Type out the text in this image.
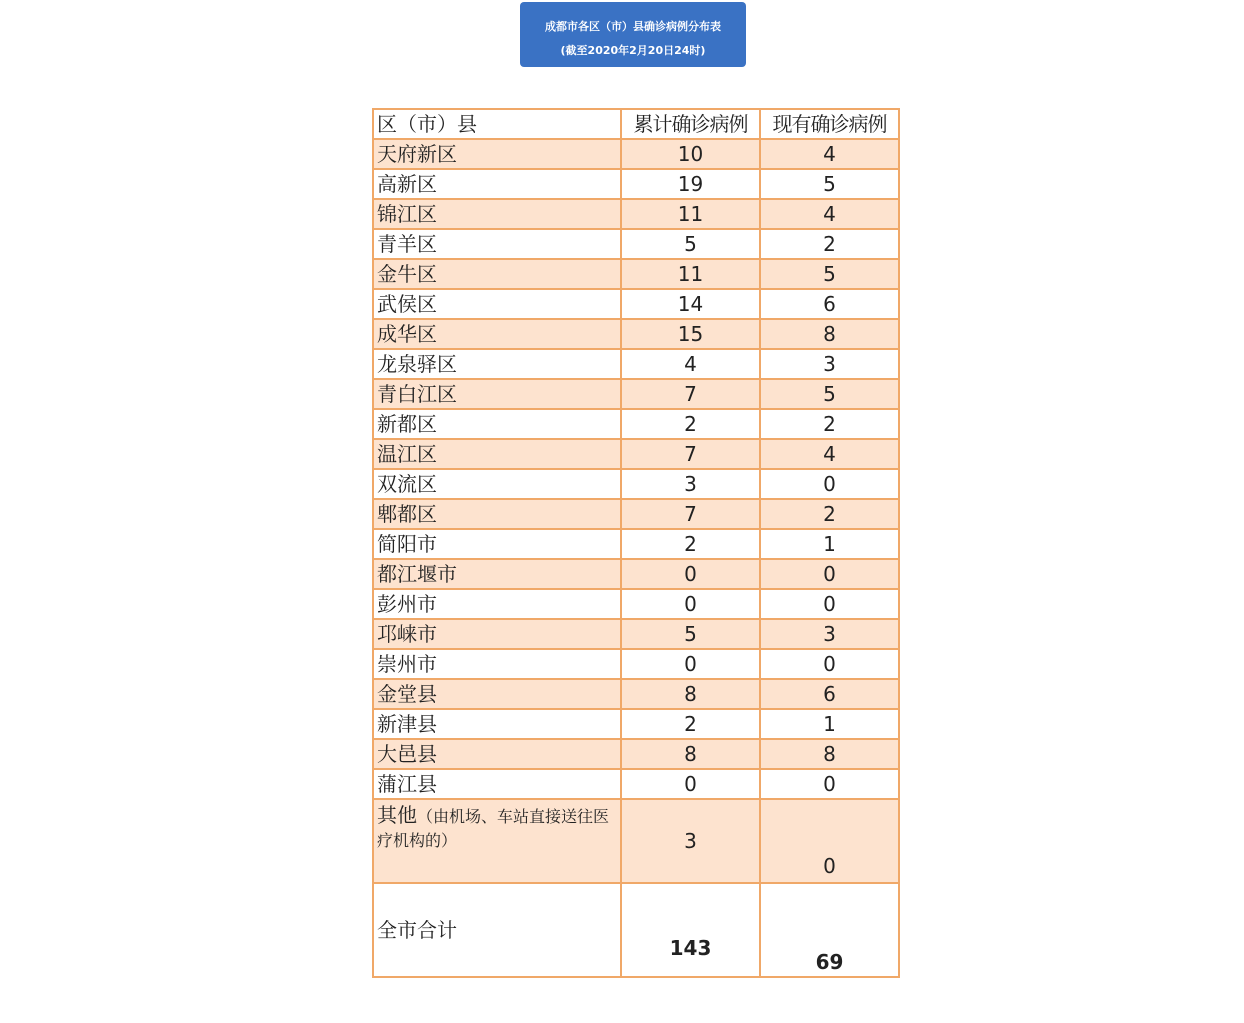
成都市各区（市）县确诊病例分布表
(截至2020年2月20日24时)
区（市）县	累计确诊病例	现有确诊病例
天府新区	10	4
高新区	19	5
锦江区	11	4
青羊区	5	2
金牛区	11	5
武侯区	14	6
成华区	15	8
龙泉驿区	4	3
青白江区	7	5
新都区	2	2
温江区	7	4
双流区	3	0
郫都区	7	2
简阳市	2	1
都江堰市	0	0
彭州市	0	0
邛崃市	5	3
崇州市	0	0
金堂县	8	6
新津县	2	1
大邑县	8	8
蒲江县	0	0
其他（由机场、车站直接送往医疗机构的）	3	0
全市合计	143	69
